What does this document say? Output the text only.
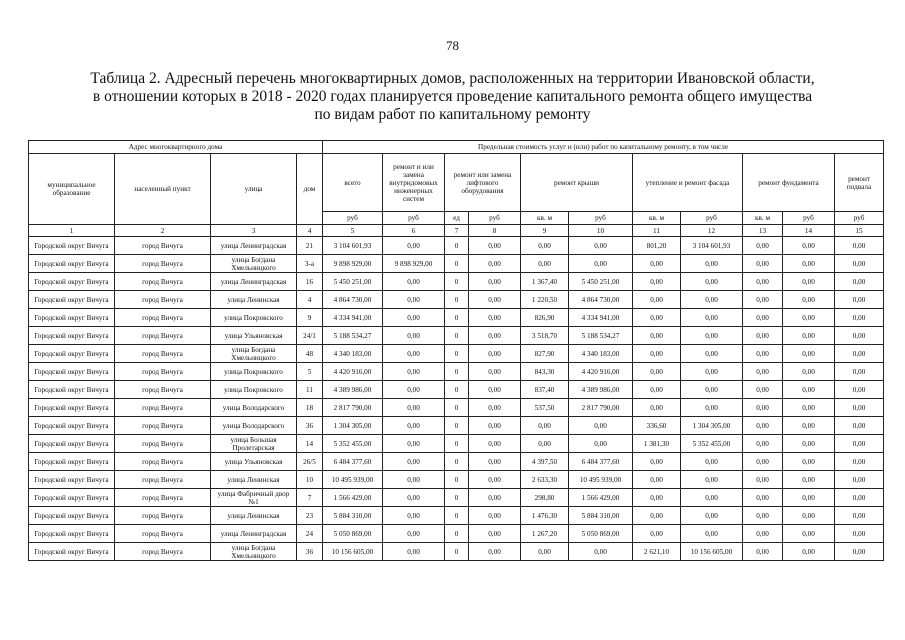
78
Таблица 2. Адресный перечень многоквартирных домов, расположенных на территории Ивановской области,
в отношении которых в 2018 - 2020 годах планируется проведение капитального ремонта общего имущества
по видам работ по капитальному ремонту
Адрес многоквартирного дома				Предельная стоимость услуг и (или) работ по капитальному ремонту, в том числе										
муниципальное образование	населенный пункт	улица	дом	всего	ремонт и или замена внутридомовых инженерных систем	ремонт или замена лифтового оборудования		ремонт крыши		утепление и ремонт фасада		ремонт фундамента		ремонт подвала
				руб	руб	ед	руб	кв. м	руб	кв. м	руб	кв. м	руб	руб
1	2	3	4	5	6	7	8	9	10	11	12	13	14	15
Городской округ Вичуга	город Вичуга	улица Ленинградская	21	3 104 601,93	0,00	0	0,00	0,00	0,00	801,20	3 104 601,93	0,00	0,00	0,00
Городской округ Вичуга	город Вичуга	улица Богдана Хмельницкого	3-а	9 898 929,00	9 898 929,00	0	0,00	0,00	0,00	0,00	0,00	0,00	0,00	0,00
Городской округ Вичуга	город Вичуга	улица Ленинградская	16	5 450 251,00	0,00	0	0,00	1 367,40	5 450 251,00	0,00	0,00	0,00	0,00	0,00
Городской округ Вичуга	город Вичуга	улица Ленинская	4	4 864 730,00	0,00	0	0,00	1 220,50	4 864 730,00	0,00	0,00	0,00	0,00	0,00
Городской округ Вичуга	город Вичуга	улица Покровского	9	4 334 941,00	0,00	0	0,00	826,90	4 334 941,00	0,00	0,00	0,00	0,00	0,00
Городской округ Вичуга	город Вичуга	улица Ульяновская	24/1	5 188 534,27	0,00	0	0,00	3 518,70	5 188 534,27	0,00	0,00	0,00	0,00	0,00
Городской округ Вичуга	город Вичуга	улица Богдана Хмельницкого	48	4 340 183,00	0,00	0	0,00	827,90	4 340 183,00	0,00	0,00	0,00	0,00	0,00
Городской округ Вичуга	город Вичуга	улица Покровского	5	4 420 916,00	0,00	0	0,00	843,30	4 420 916,00	0,00	0,00	0,00	0,00	0,00
Городской округ Вичуга	город Вичуга	улица Покровского	11	4 389 986,00	0,00	0	0,00	837,40	4 389 986,00	0,00	0,00	0,00	0,00	0,00
Городской округ Вичуга	город Вичуга	улица Володарского	18	2 817 790,00	0,00	0	0,00	537,50	2 817 790,00	0,00	0,00	0,00	0,00	0,00
Городской округ Вичуга	город Вичуга	улица Володарского	36	1 304 305,00	0,00	0	0,00	0,00	0,00	336,60	1 304 305,00	0,00	0,00	0,00
Городской округ Вичуга	город Вичуга	улица Большая Пролетарская	14	5 352 455,00	0,00	0	0,00	0,00	0,00	1 381,30	5 352 455,00	0,00	0,00	0,00
Городской округ Вичуга	город Вичуга	улица Ульяновская	26/5	6 484 377,60	0,00	0	0,00	4 397,50	6 484 377,60	0,00	0,00	0,00	0,00	0,00
Городской округ Вичуга	город Вичуга	улица Ленинская	10	10 495 939,00	0,00	0	0,00	2 633,30	10 495 939,00	0,00	0,00	0,00	0,00	0,00
Городской округ Вичуга	город Вичуга	улица Фабричный двор №1	7	1 566 429,00	0,00	0	0,00	298,80	1 566 429,00	0,00	0,00	0,00	0,00	0,00
Городской округ Вичуга	город Вичуга	улица Ленинская	23	5 884 310,00	0,00	0	0,00	1 476,30	5 884 310,00	0,00	0,00	0,00	0,00	0,00
Городской округ Вичуга	город Вичуга	улица Ленинградская	24	5 050 869,00	0,00	0	0,00	1 267,20	5 050 869,00	0,00	0,00	0,00	0,00	0,00
Городской округ Вичуга	город Вичуга	улица Богдана Хмельницкого	36	10 156 605,00	0,00	0	0,00	0,00	0,00	2 621,10	10 156 605,00	0,00	0,00	0,00
